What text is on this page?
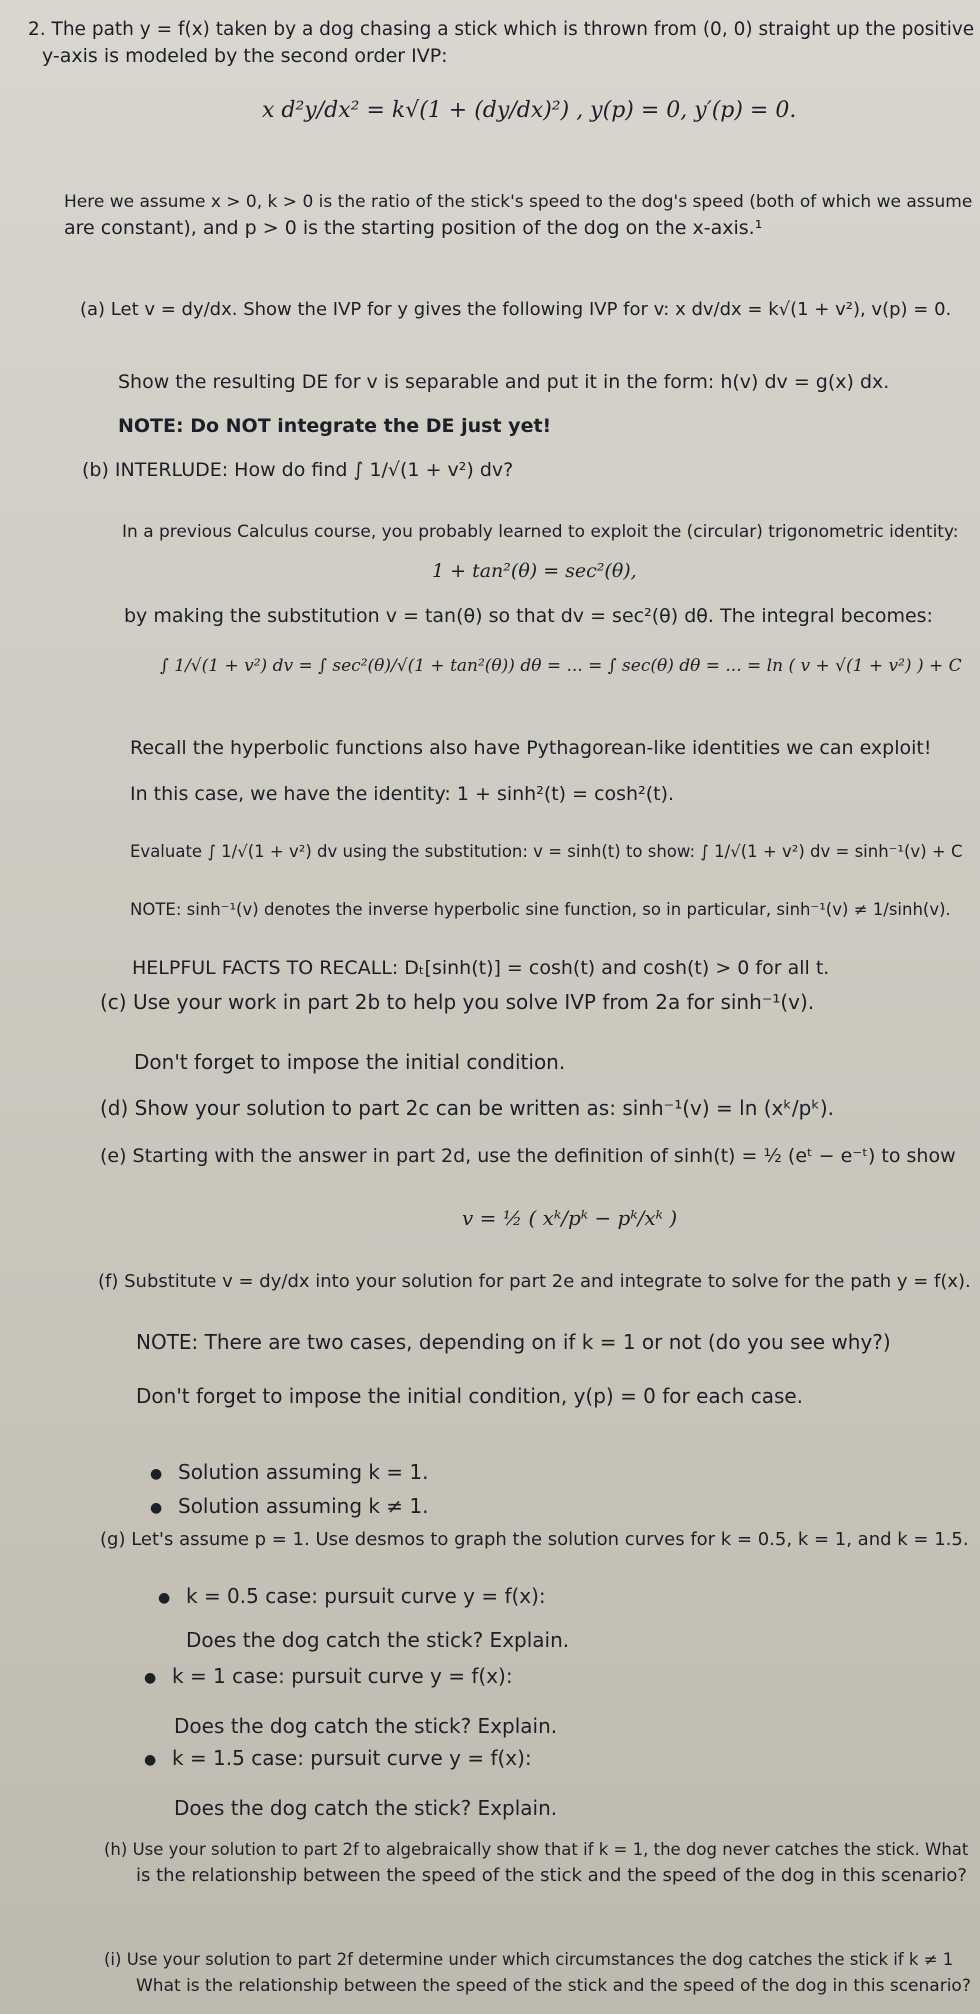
2. The path y = f(x) taken by a dog chasing a stick which is thrown from (0, 0) straight up the positive
y-axis is modeled by the second order IVP:
x d²y/dx² = k√(1 + (dy/dx)²) , y(p) = 0, y′(p) = 0.
Here we assume x > 0, k > 0 is the ratio of the stick's speed to the dog's speed (both of which we assume
are constant), and p > 0 is the starting position of the dog on the x-axis.¹
(a) Let v = dy/dx. Show the IVP for y gives the following IVP for v: x dv/dx = k√(1 + v²), v(p) = 0.
Show the resulting DE for v is separable and put it in the form: h(v) dv = g(x) dx.
NOTE: Do NOT integrate the DE just yet!
(b) INTERLUDE: How do find ∫ 1/√(1 + v²) dv?
In a previous Calculus course, you probably learned to exploit the (circular) trigonometric identity:
1 + tan²(θ) = sec²(θ),
by making the substitution v = tan(θ) so that dv = sec²(θ) dθ. The integral becomes:
∫ 1/√(1 + v²) dv = ∫ sec²(θ)/√(1 + tan²(θ)) dθ = ... = ∫ sec(θ) dθ = ... = ln ( v + √(1 + v²) ) + C
Recall the hyperbolic functions also have Pythagorean-like identities we can exploit!
In this case, we have the identity: 1 + sinh²(t) = cosh²(t).
Evaluate ∫ 1/√(1 + v²) dv using the substitution: v = sinh(t) to show: ∫ 1/√(1 + v²) dv = sinh⁻¹(v) + C
NOTE: sinh⁻¹(v) denotes the inverse hyperbolic sine function, so in particular, sinh⁻¹(v) ≠ 1/sinh(v).
HELPFUL FACTS TO RECALL: Dₜ[sinh(t)] = cosh(t) and cosh(t) > 0 for all t.
(c) Use your work in part 2b to help you solve IVP from 2a for sinh⁻¹(v).
Don't forget to impose the initial condition.
(d) Show your solution to part 2c can be written as: sinh⁻¹(v) = ln (xᵏ/pᵏ).
(e) Starting with the answer in part 2d, use the definition of sinh(t) = ½ (eᵗ − e⁻ᵗ) to show
v = ½ ( xᵏ/pᵏ − pᵏ/xᵏ )
(f) Substitute v = dy/dx into your solution for part 2e and integrate to solve for the path y = f(x).
NOTE: There are two cases, depending on if k = 1 or not (do you see why?)
Don't forget to impose the initial condition, y(p) = 0 for each case.
● Solution assuming k = 1.
● Solution assuming k ≠ 1.
(g) Let's assume p = 1. Use desmos to graph the solution curves for k = 0.5, k = 1, and k = 1.5.
● k = 0.5 case: pursuit curve y = f(x):
Does the dog catch the stick? Explain.
● k = 1 case: pursuit curve y = f(x):
Does the dog catch the stick? Explain.
● k = 1.5 case: pursuit curve y = f(x):
Does the dog catch the stick? Explain.
(h) Use your solution to part 2f to algebraically show that if k = 1, the dog never catches the stick. What
is the relationship between the speed of the stick and the speed of the dog in this scenario?
(i) Use your solution to part 2f determine under which circumstances the dog catches the stick if k ≠ 1
What is the relationship between the speed of the stick and the speed of the dog in this scenario?
